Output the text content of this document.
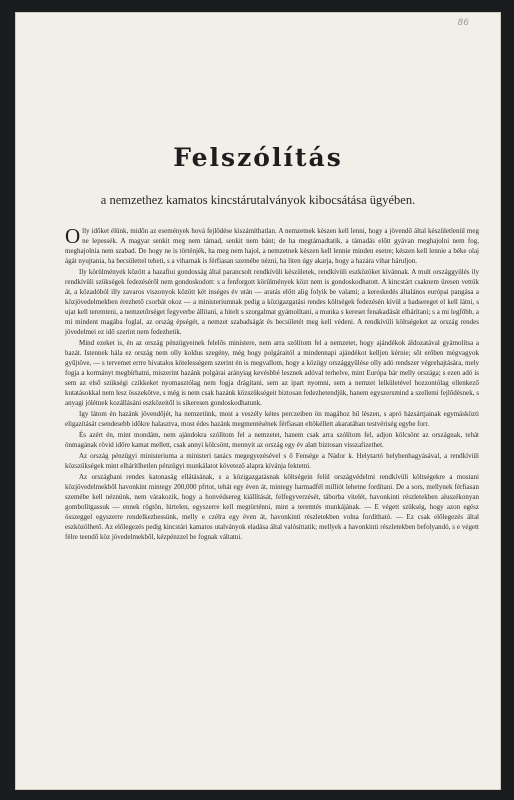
86
Felszólítás
a nemzethez kamatos kincstárutalványok kibocsátása ügyében.

Olly időket élünk, midőn az események hová fejlődése kiszámíthatlan. A nemzetnek készen kell lenni, hogy a jövendő által készületlenül meg ne lepessék. A magyar senkit meg nem támad, senkit nem bánt; de ha megtámadtatik, a támadás előtt gyávan meghajolni nem fog, meghajolnia nem szabad. De hogy ne is történjék, ha meg nem hajol, a nemzetnek készen kell lennie minden esetre; készen kell lennie a béke olaj ágát nyujtania, ha becsülettel teheti, s a viharnak is férfiasan szemébe nézni, ha liten úgy akarja, hogy a hazára vihar háruljon.

Ily körülmények között a hazafiui gondosság által parancsolt rendkívüli készületek, rendkívüli eszközöket kívánnak. A mult országgyülés ily rendkívüli szükségek fedezéséről nem gondoskodott: s a fenforgott körülmények közt nem is gondoskodhatott. A kincstárt csaknem üresen vettük át, a közadóból illy zavaros viszonyok között két inséges év után — aratás előtt alig folyik be valami; a kereskedés általános európai pangása a közjövedelmekben érezhető csorbát okoz — a ministeriumnak pedig a közigazgatási rendes költségek fedezésén kívül a hadsereget el kell látni, s ujat kell teremteni, a nemzetőrséget fegyverbe állítani, a hitelt s szorgalmat gyámolítani, a munka s kereset fenakadását elhárítani; s a mi legfőbb, a mi mindent magába foglal, az ország épségét, a nemzet szabadságát és becsületét meg kell védeni. A rendkívüli költségeket az ország rendes jövedelmei ez idő szerint nem fedezhetik.

Mind ezeket is, én az ország pénzügyeinek felelős ministere, nem arra szólítom fel a nemzetet, hogy ajándékok áldozatával gyámolítsa a hazát. Istennek hála ez ország nem olly koldus szegény, még hogy polgáraitól a mindennapi ajándékot kelljen kérnie; sőt erőben mégvagyok gyűjtöve, — s tervemet errre hivatalos kötelességem szerint én is megvallom, hogy a közügy országgyűlése olly adó rendszer végrehajtására, mely fogja a kormányt megbírhatni, miszerint hazánk polgárai arányiag kevésbbé lesznek adóval terhelve, mint Európa bár melly országa; s ezen adó is sem az első szükségi czikkeket nyomasztólag nem fogja drágítani, sem az ipart nyomni, sem a nemzet lelkületével hozzontólag ellenkező kutatásokkal nem lesz összekötve, s még is nem csak hazánk közszükségeit biztosan fedezhetendjük, hanem egyszersmind a szellemi fejlődésnek, s anyagi jólétnek kozállásáni eszközeitől is sikeresen gondoskodhatunk.

Igy látom én hazánk jövendőjét, ha nemzetünk, most a veszély kétes perczeiben ön magához hű lészen, s apró házsártjainak egymásközti eligazítását csendesebb időkre halasztva, most édes hazánk megmentésének férfiasan eltökéllett akaratában testvériség egybe forr.

És azért én, mint mondám, nem ajándokra szólítom fel a nemzetet, hanem csak arra szólítom fel, adjon kölcsönt az országnak, tehát önmagának rövid időre kamat mellett, csak annyi kölcsönt, mennyit az ország egy év alatt biztosan visszafizethet.

Az ország pénzügyi ministeriuma a ministeri tanács megegyezésével s ő Fensége a Nádor k. Helytartó helybenhagyásával, a rendkívüli közszükségek mint elhárítlhetlen pénzügyi munkálatot követező alapra kívánja fektetni.

Az országbani rendes katonaság ellátásának, s a közigazgatásnak költségein felül országvédelmi rendkívüli költségekre a mostani közjövedelmekből havonkint mintegy 200,000 pfrtot, tehát egy éven át, mintegy harmadfél milliót lehetne fordítani. De a sors, mellynek férfiasan szemébe kell néznünk, nem várakozik, hogy a honvédsereg kiállítását, felfegyverzését, táborba vitelét, havonkinti részletekben aluszékonyan gombolítgassuk — ennek rögtön, hirtelen, egyszerre kell megtörténni, mint a teremtés munkájának. — E végett szükség, hogy azon egész összeggel egyszerre rendelkezhessünk, melly e czélra egy éven át, havonkinti részletekben volna fordítható. — Ez csak előlegezés által eszközölhető. Az előlegezés pedig kincstári kamatos utalványok eladása által valósíttatik; mellyek a havonkinti részletekben befolyandó, s e végett félre teendő köz jövedelmekből, kézpénzzel be fognak váltatni.
